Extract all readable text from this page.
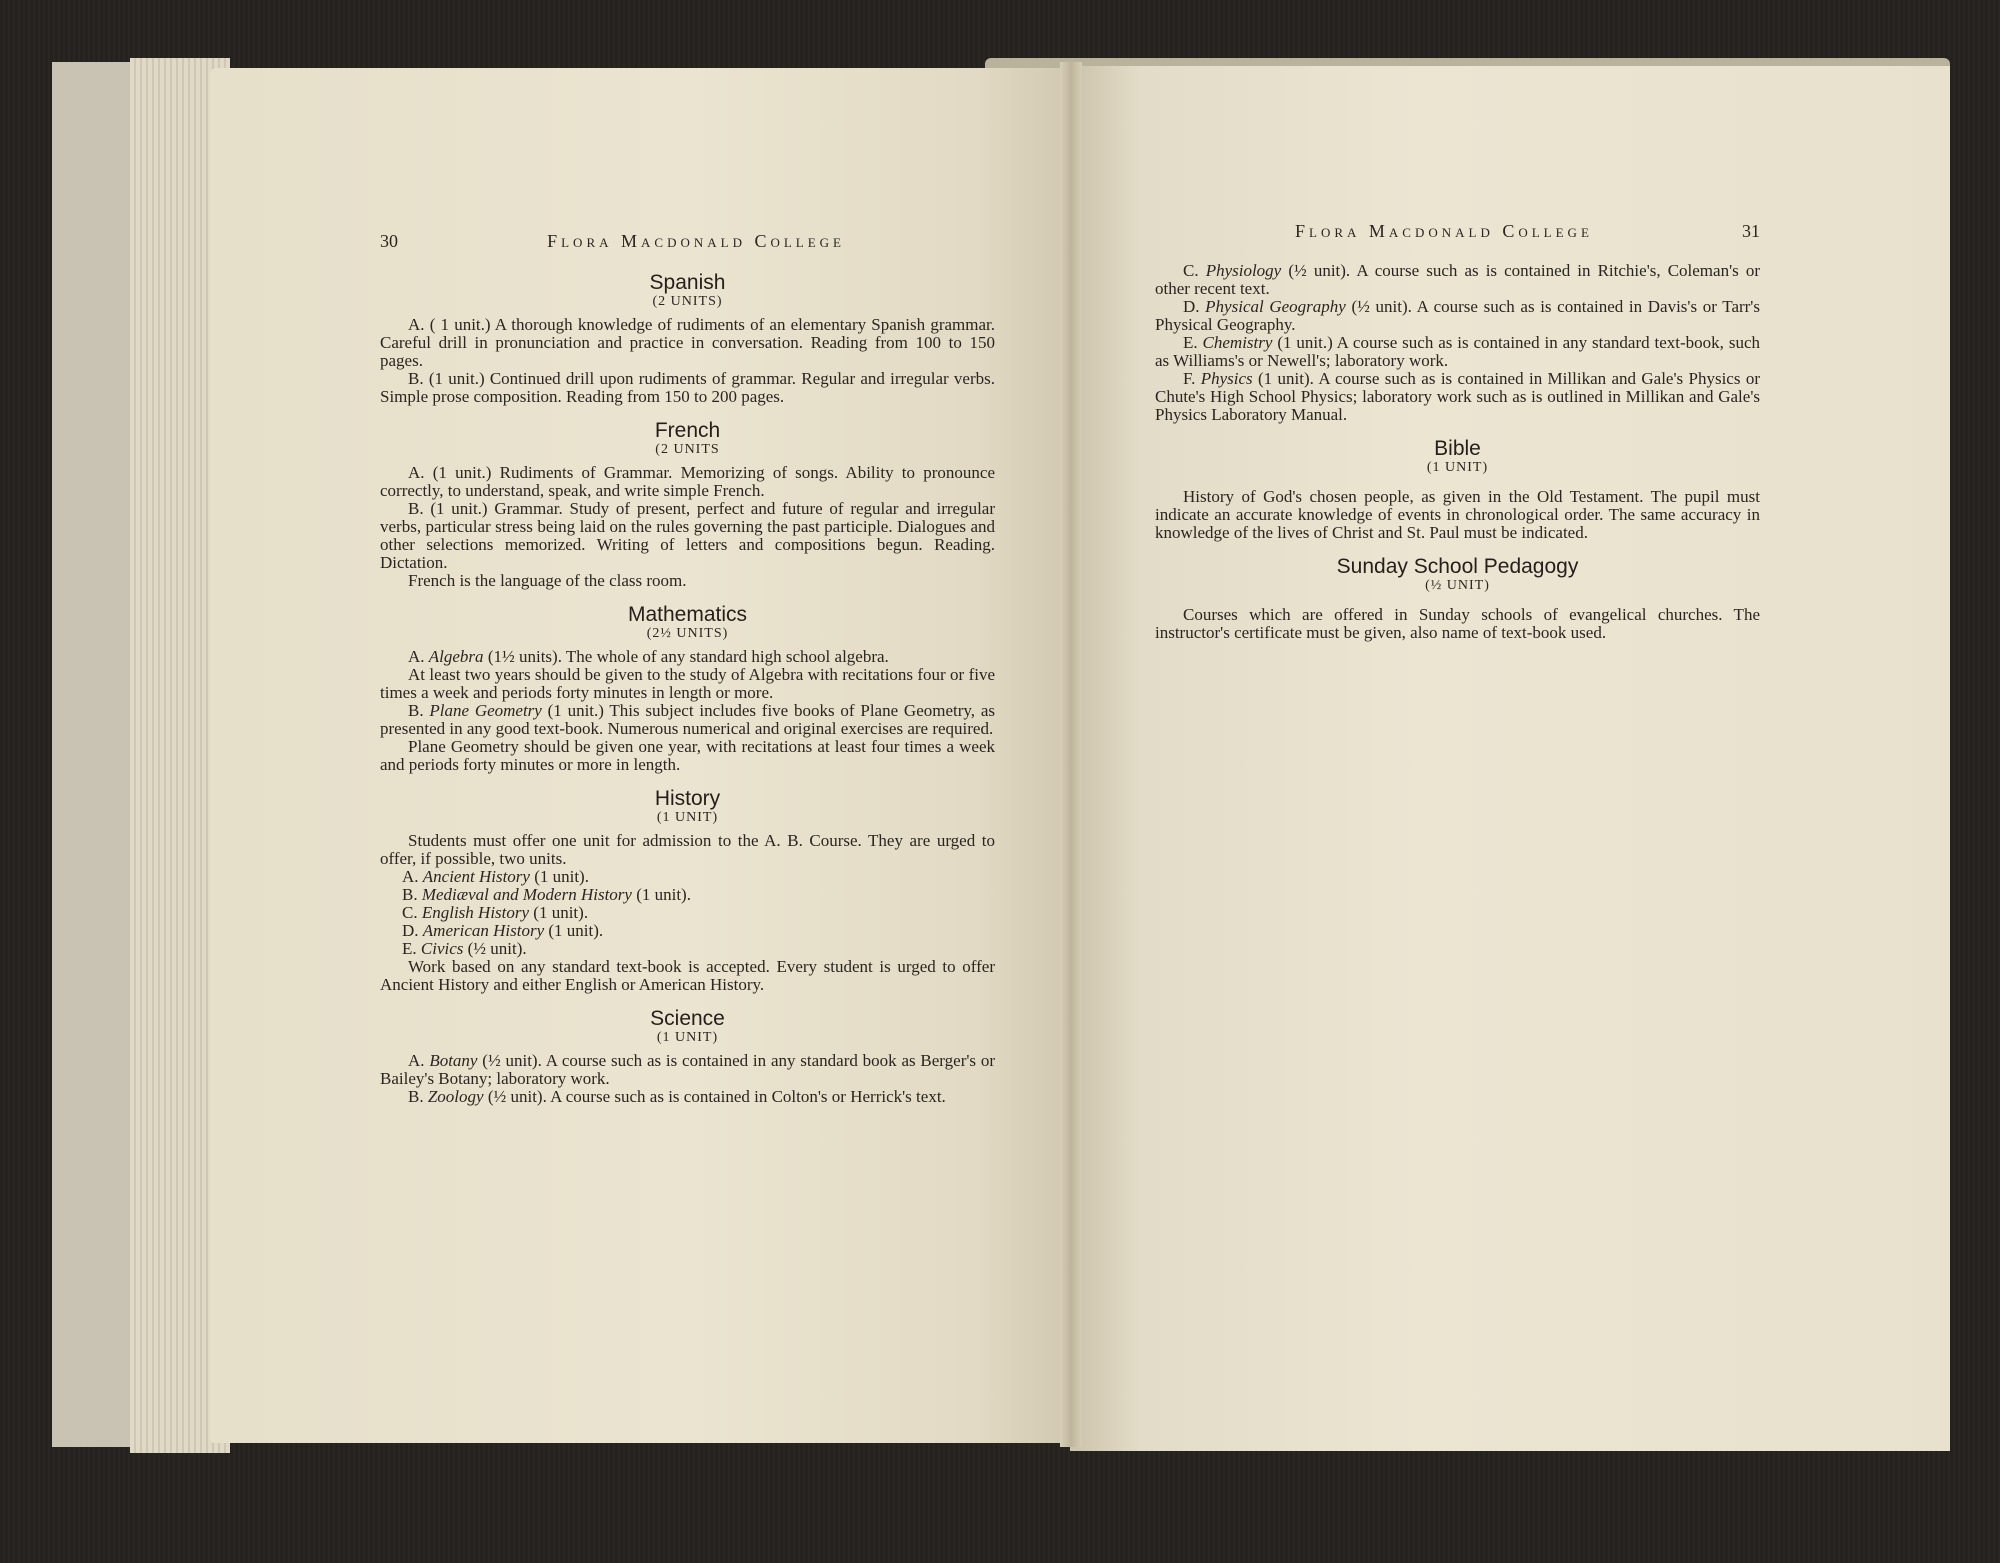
30	Flora Macdonald College

Spanish

(2 UNITS)

A. ( 1 unit.) A thorough knowledge of rudiments of an elementary Spanish grammar. Careful drill in pronunciation and practice in conversation. Reading from 100 to 150 pages.

B. (1 unit.) Continued drill upon rudiments of grammar. Regular and irregular verbs. Simple prose composition. Reading from 150 to 200 pages.

French

(2 UNITS

A. (1 unit.) Rudiments of Grammar. Memorizing of songs. Ability to pronounce correctly, to understand, speak, and write simple French.

B. (1 unit.) Grammar. Study of present, perfect and future of regular and irregular verbs, particular stress being laid on the rules governing the past participle. Dialogues and other selections memorized. Writing of letters and compositions begun. Reading. Dictation.

French is the language of the class room.

Mathematics

(2½ UNITS)

A. Algebra (1½ units). The whole of any standard high school algebra.

At least two years should be given to the study of Algebra with recitations four or five times a week and periods forty minutes in length or more.

B. Plane Geometry (1 unit.) This subject includes five books of Plane Geometry, as presented in any good text-book. Numerous numerical and original exercises are required.

Plane Geometry should be given one year, with recitations at least four times a week and periods forty minutes or more in length.

History

(1 UNIT)

Students must offer one unit for admission to the A. B. Course. They are urged to offer, if possible, two units.

A. Ancient History (1 unit).

B. Mediæval and Modern History (1 unit).

C. English History (1 unit).

D. American History (1 unit).

E. Civics (½ unit).

Work based on any standard text-book is accepted. Every student is urged to offer Ancient History and either English or American History.

Science

(1 UNIT)

A. Botany (½ unit). A course such as is contained in any standard book as Berger's or Bailey's Botany; laboratory work.

B. Zoology (½ unit). A course such as is contained in Colton's or Herrick's text.

Flora Macdonald College	31

C. Physiology (½ unit). A course such as is contained in Ritchie's, Coleman's or other recent text.

D. Physical Geography (½ unit). A course such as is contained in Davis's or Tarr's Physical Geography.

E. Chemistry (1 unit.) A course such as is contained in any standard text-book, such as Williams's or Newell's; laboratory work.

F. Physics (1 unit). A course such as is contained in Millikan and Gale's Physics or Chute's High School Physics; laboratory work such as is outlined in Millikan and Gale's Physics Laboratory Manual.

Bible

(1 UNIT)

History of God's chosen people, as given in the Old Testament. The pupil must indicate an accurate knowledge of events in chronological order. The same accuracy in knowledge of the lives of Christ and St. Paul must be indicated.

Sunday School Pedagogy

(½ UNIT)

Courses which are offered in Sunday schools of evangelical churches. The instructor's certificate must be given, also name of text-book used.
